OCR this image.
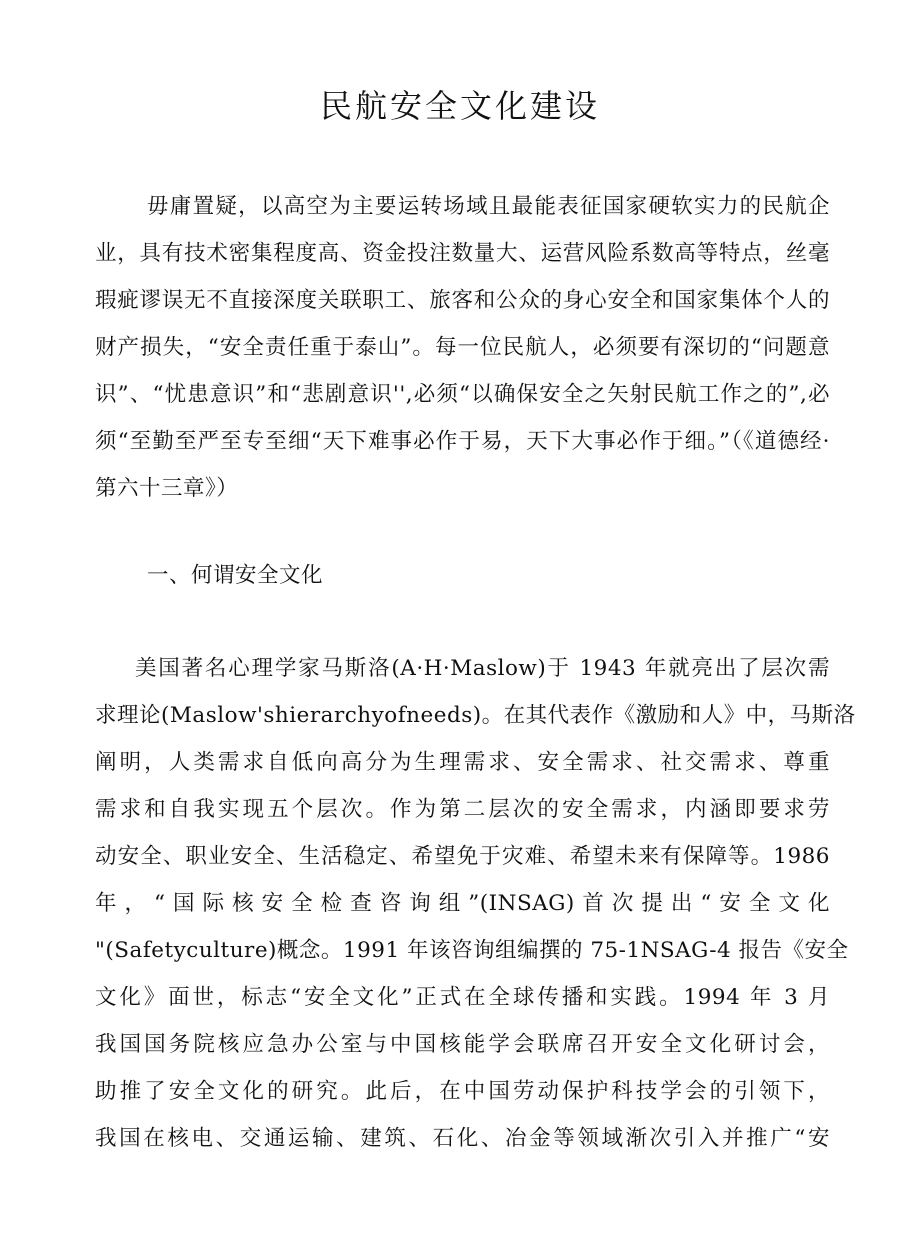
民航安全文化建设

毋庸置疑，以高空为主要运转场域且最能表征国家硬软实力的民航企业，具有技术密集程度高、资金投注数量大、运营风险系数高等特点，丝毫瑕疵谬误无不直接深度关联职工、旅客和公众的身心安全和国家集体个人的财产损失，“安全责任重于泰山”。每一位民航人，必须要有深切的“问题意识”、“忧患意识”和“悲剧意识'',必须“以确保安全之矢射民航工作之的”,必须“至勤至严至专至细“天下难事必作于易，天下大事必作于细。”（《道德经·第六十三章》）

一、何谓安全文化
美国著名心理学家马斯洛(A·H·Maslow)于 1943 年就亮出了层次需
求理论(Maslow'shierarchyofneeds)。在其代表作《激励和人》中，马斯洛
阐明，人类需求自低向高分为生理需求、安全需求、社交需求、尊重
需求和自我实现五个层次。作为第二层次的安全需求，内涵即要求劳
动安全、职业安全、生活稳定、希望免于灾难、希望未来有保障等。1986
年，“国际核安全检查咨询组”(INSAG)首次提出“安全文化
"(Safetyculture)概念。1991 年该咨询组编撰的 75-1NSAG-4 报告《安全
文化》面世，标志“安全文化”正式在全球传播和实践。1994 年 3 月
我国国务院核应急办公室与中国核能学会联席召开安全文化研讨会，
助推了安全文化的研究。此后，在中国劳动保护科技学会的引领下，
我国在核电、交通运输、建筑、石化、冶金等领域渐次引入并推广“安
